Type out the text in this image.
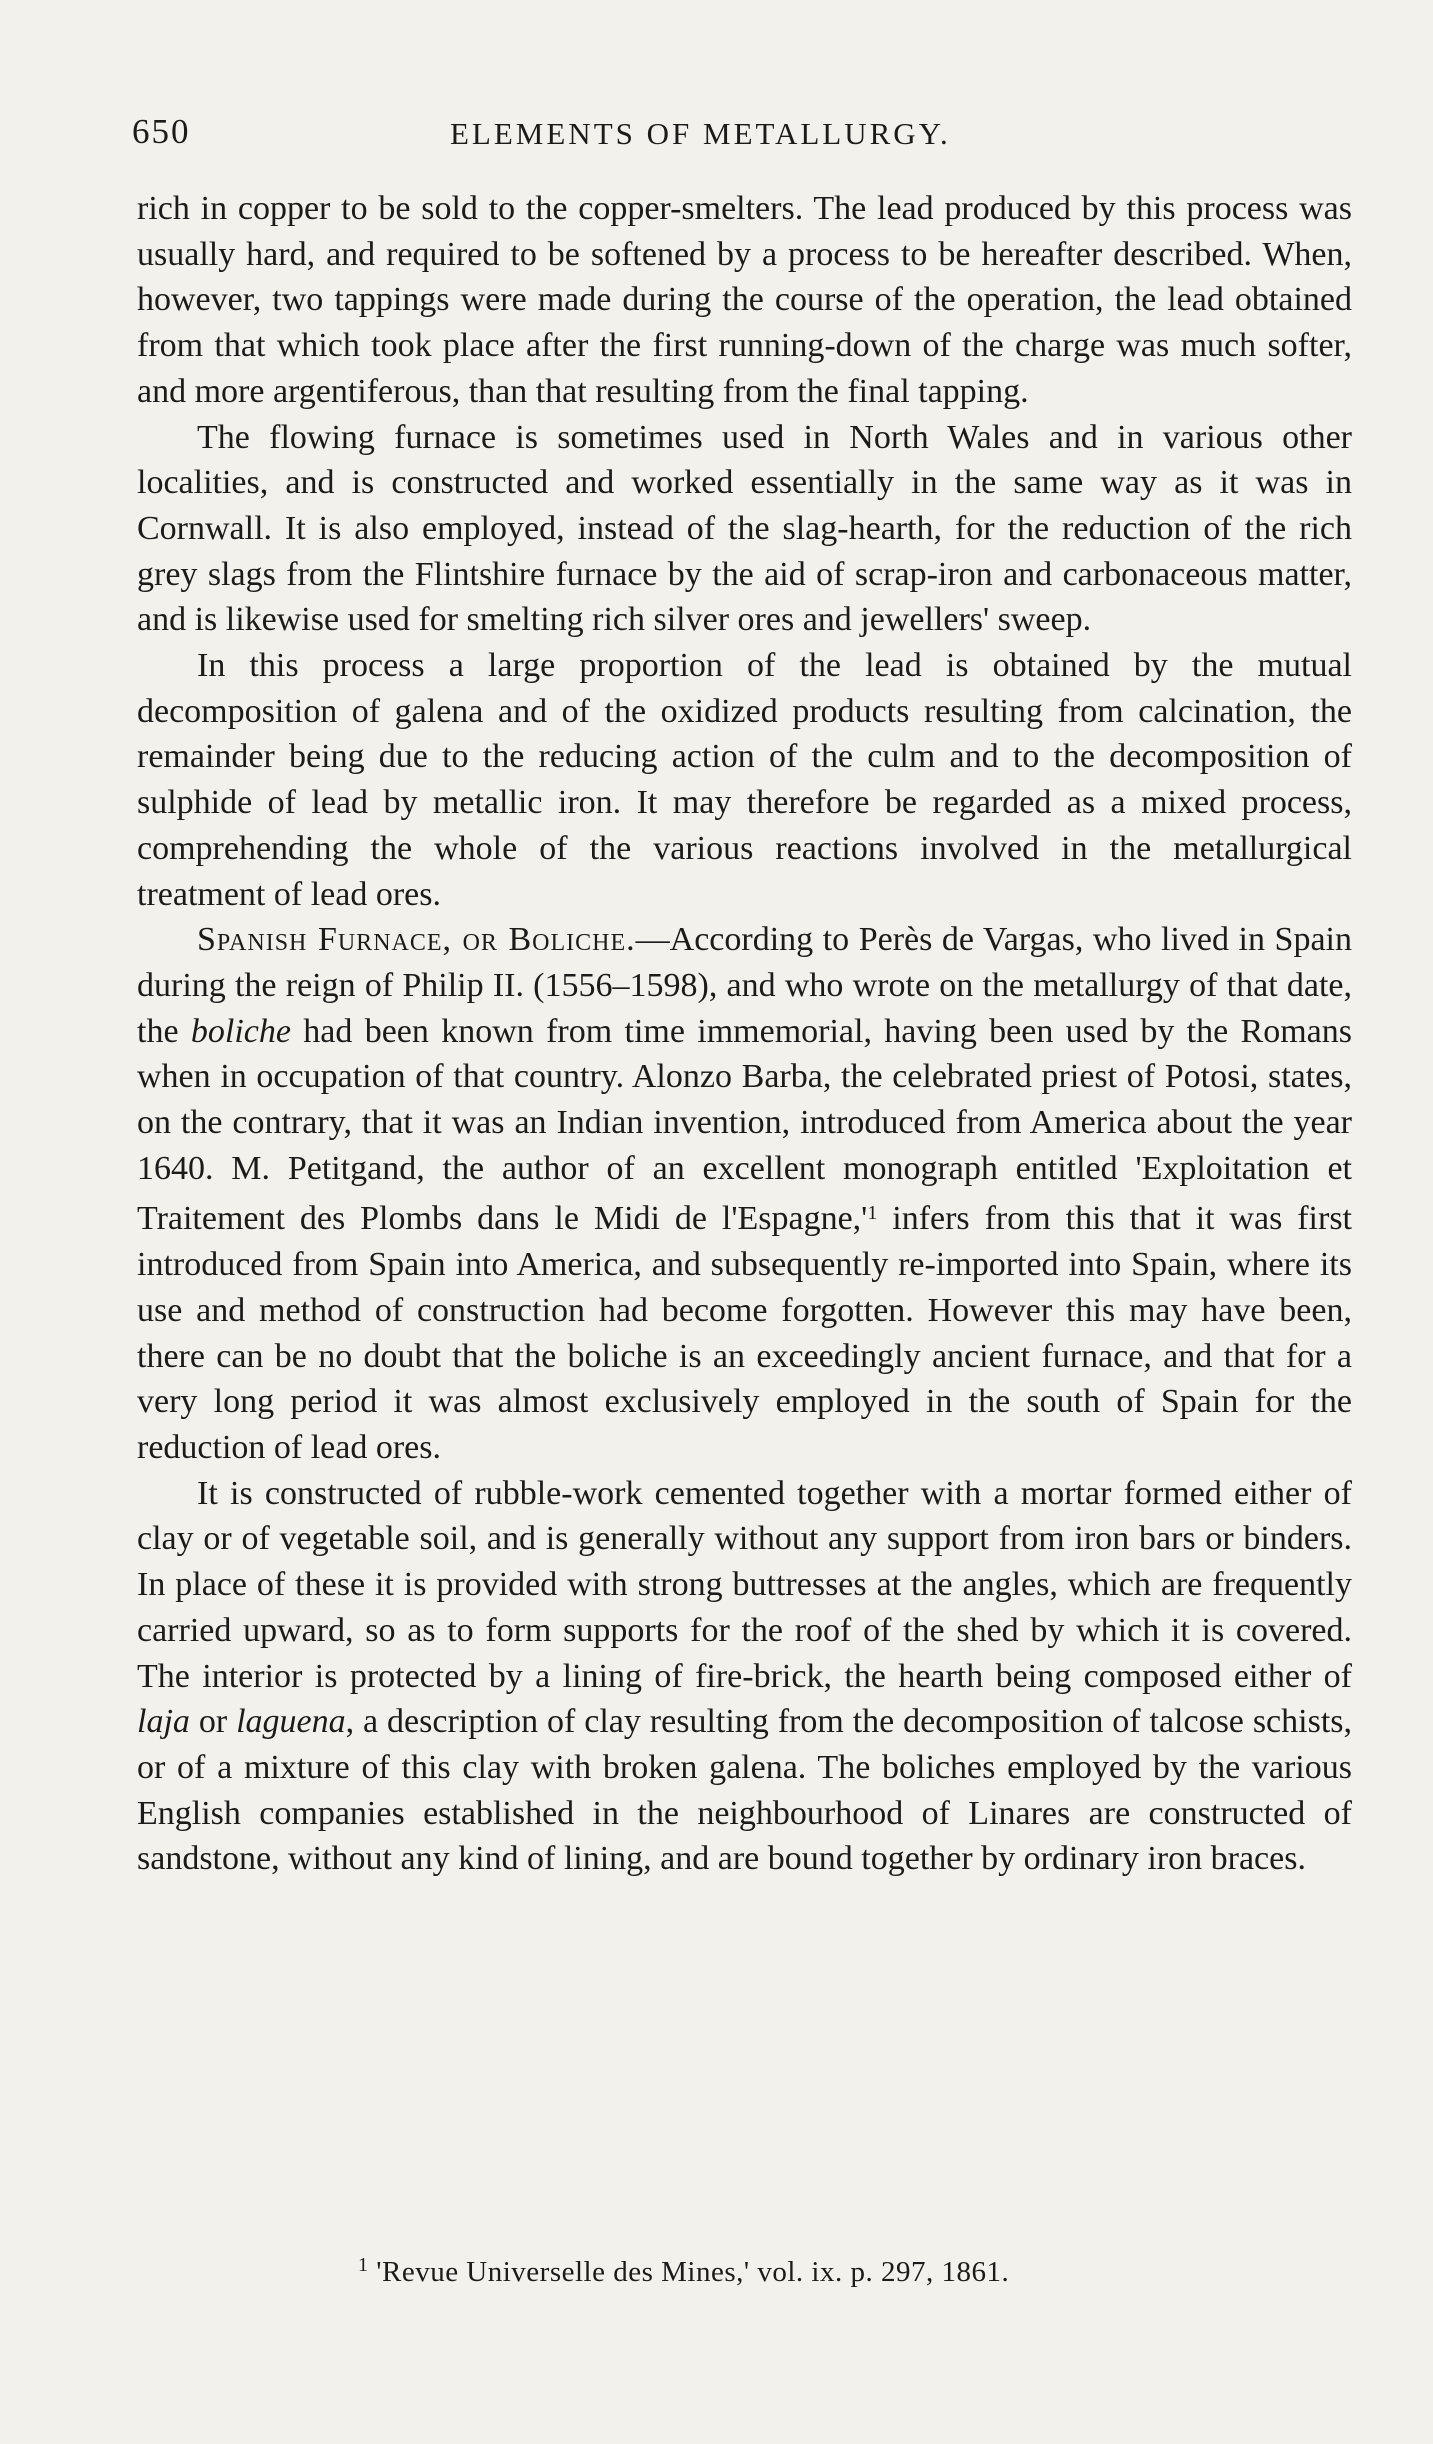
650	ELEMENTS OF METALLURGY.

rich in copper to be sold to the copper-smelters. The lead produced by this process was usually hard, and required to be softened by a process to be hereafter described. When, however, two tappings were made during the course of the operation, the lead obtained from that which took place after the first running-down of the charge was much softer, and more argentiferous, than that resulting from the final tapping.

The flowing furnace is sometimes used in North Wales and in various other localities, and is constructed and worked essentially in the same way as it was in Cornwall. It is also employed, instead of the slag-hearth, for the reduction of the rich grey slags from the Flintshire furnace by the aid of scrap-iron and carbonaceous matter, and is likewise used for smelting rich silver ores and jewellers' sweep.

In this process a large proportion of the lead is obtained by the mutual decomposition of galena and of the oxidized products resulting from calcination, the remainder being due to the reducing action of the culm and to the decomposition of sulphide of lead by metallic iron. It may therefore be regarded as a mixed process, comprehending the whole of the various reactions involved in the metallurgical treatment of lead ores.

Spanish Furnace, or Boliche.—According to Perès de Vargas, who lived in Spain during the reign of Philip II. (1556–1598), and who wrote on the metallurgy of that date, the boliche had been known from time immemorial, having been used by the Romans when in occupation of that country. Alonzo Barba, the celebrated priest of Potosi, states, on the contrary, that it was an Indian invention, introduced from America about the year 1640. M. Petitgand, the author of an excellent monograph entitled 'Exploitation et Traitement des Plombs dans le Midi de $l'Espagne,'^1$ infers from this that it was first introduced from Spain into America, and subsequently re-imported into Spain, where its use and method of construction had become forgotten. However this may have been, there can be no doubt that the boliche is an exceedingly ancient furnace, and that for a very long period it was almost exclusively employed in the south of Spain for the reduction of lead ores.

It is constructed of rubble-work cemented together with a mortar formed either of clay or of vegetable soil, and is generally without any support from iron bars or binders. In place of these it is provided with strong buttresses at the angles, which are frequently carried upward, so as to form supports for the roof of the shed by which it is covered. The interior is protected by a lining of fire-brick, the hearth being composed either of laja or laguena, a description of clay resulting from the decomposition of talcose schists, or of a mixture of this clay with broken galena. The boliches employed by the various English companies established in the neighbourhood of Linares are constructed of sandstone, without any kind of lining, and are bound together by ordinary iron braces.

$^1$ 'Revue Universelle des Mines,' vol. ix. p. 297, 1861.
